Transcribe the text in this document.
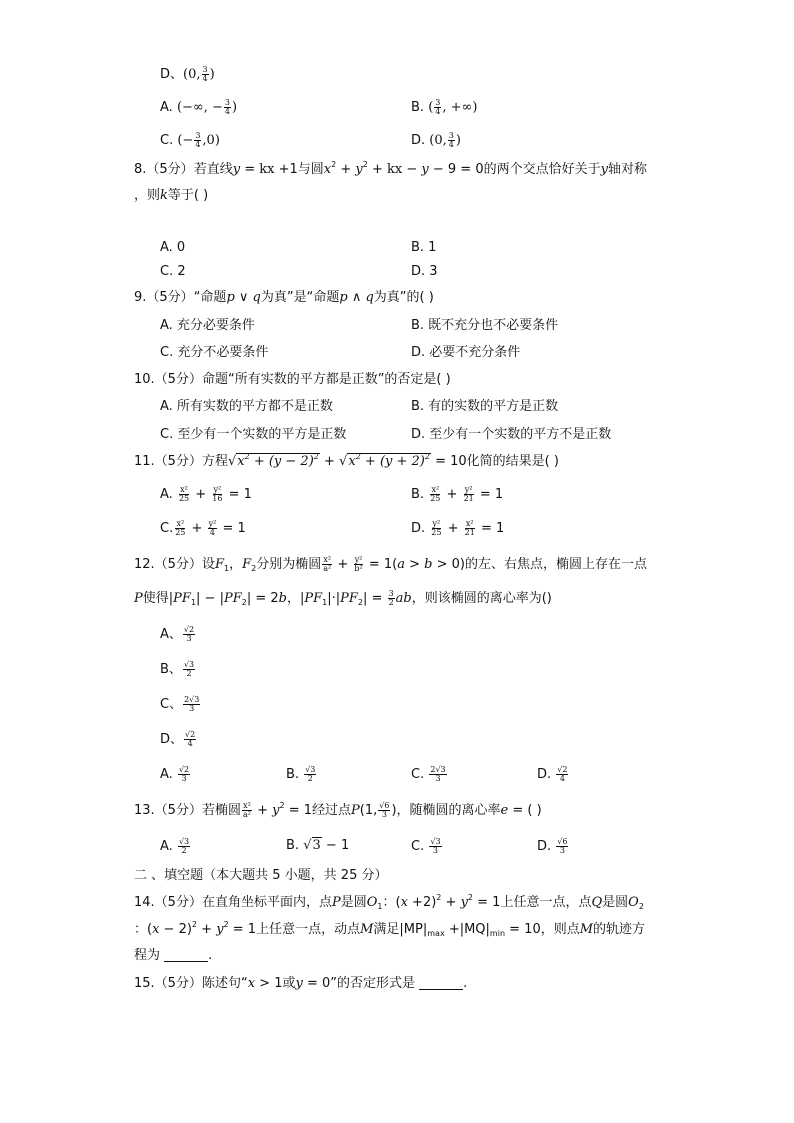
D、(0, $\frac{3}{4}$ )
A. (−∞, − $\frac{3}{4}$ )	B. ( $\frac{3}{4}$ , +∞)
C. (− $\frac{3}{4} ,0$)	D. (0, $\frac{3}{4}$ )
8.（5分）若直线y = kx +1与圆$x^2 + y^2$ + kx − y − 9 = 0的两个交点恰好关于y轴对称
，则k等于( )
A. 0	B. 1
C. 2	D. 3
9.（5分）“命题p ∨ q为真”是“命题p ∧ q为真”的( )
A. 充分必要条件	B. 既不充分也不必要条件
C. 充分不必要条件	D. 必要不充分条件
10.（5分）命题“所有实数的平方都是正数”的否定是( )
A. 所有实数的平方都不是正数	B. 有的实数的平方是正数
C. 至少有一个实数的平方是正数	D. 至少有一个实数的平方不是正数
11.（5分）方程$√x^2 + (y - 2)^2 + √x^2 + (y + 2)^2 = 10$化简的结果是( )
A. $\frac{\text{x²}}{25} + \frac{\text{y²}}{16} = 1$	B. $\frac{\text{x²}}{25} + \frac{\text{y²}}{21} = 1$
C. $\frac{\text{x²}}{25} + \frac{\text{y²}}{4} = 1$	D. $\frac{\text{y²}}{25} + \frac{\text{x²}}{21} = 1$
12.（5分）设$F_1$，$F_2$分别为椭圆 $\frac{\text{x²}}{\text{a²}} + \frac{\text{y²}}{\text{b²}} = 1(a > b > 0)$的左、右焦点，椭圆上存在一点
P使得$|PF_1| - |PF_2| = 2b$，$|PF_1|\cdot|PF_2| = \frac{3}{2}$ ab，则该椭圆的离心率为()
A、 $\frac{√2}{3}$
B、 $\frac{√3}{2}$
C、 $\frac{2√3}{3}$
D、 $\frac{√2}{4}$
A. $\frac{√2}{3}$	B. $\frac{√3}{2}$	C. $\frac{2√3}{3}$	D. $\frac{√2}{4}$
13.（5分）若椭圆 $\frac{\text{x²}}{\text{a²}} + y^2 = 1$经过点P(1, $\frac{√6}{3}$ )，随椭圆的离心率e = ( )
A. $\frac{√3}{2}$	B. √3 − 1	C. $\frac{√3}{3}$	D. $\frac{√6}{3}$
二 、填空题（本大题共 5 小题，共 25 分）
14.（5分）在直角坐标平面内，点P是圆$O_1$：$(x +2)^2 + y^2 = 1$上任意一点，点Q是圆$O_2$
：$(x - 2)^2 + y^2 = 1$上任意一点，动点M满足$|MP|_{max} +|MQ|_{min} = 10$，则点M的轨迹方
程为	.
15.（5分）陈述句“x > 1或y = 0”的否定形式是	.
